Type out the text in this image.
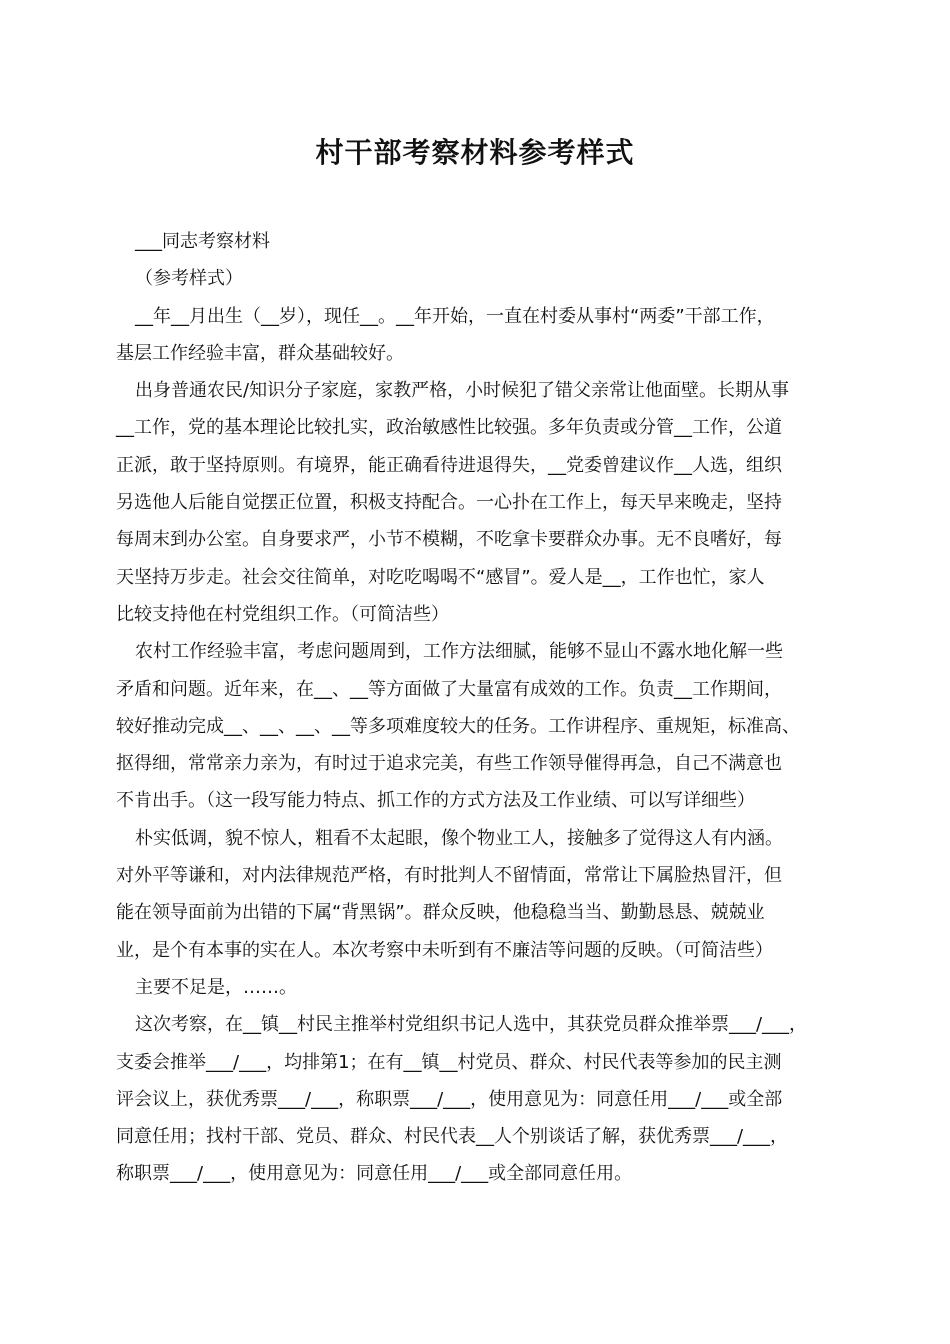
村干部考察材料参考样式
___同志考察材料
（参考样式）
__年__月出生（__岁），现任__。__年开始，一直在村委从事村“两委”干部工作，
基层工作经验丰富，群众基础较好。
出身普通农民/知识分子家庭，家教严格，小时候犯了错父亲常让他面壁。长期从事
__工作，党的基本理论比较扎实，政治敏感性比较强。多年负责或分管__工作，公道
正派，敢于坚持原则。有境界，能正确看待进退得失，__党委曾建议作__人选，组织
另选他人后能自觉摆正位置，积极支持配合。一心扑在工作上，每天早来晚走，坚持
每周末到办公室。自身要求严，小节不模糊，不吃拿卡要群众办事。无不良嗜好，每
天坚持万步走。社会交往简单，对吃吃喝喝不“感冒”。爱人是__，工作也忙，家人
比较支持他在村党组织工作。（可简洁些）
农村工作经验丰富，考虑问题周到，工作方法细腻，能够不显山不露水地化解一些
矛盾和问题。近年来，在__、__等方面做了大量富有成效的工作。负责__工作期间，
较好推动完成__、__、__、__等多项难度较大的任务。工作讲程序、重规矩，标准高、
抠得细，常常亲力亲为，有时过于追求完美，有些工作领导催得再急，自己不满意也
不肯出手。（这一段写能力特点、抓工作的方式方法及工作业绩、可以写详细些）
朴实低调，貌不惊人，粗看不太起眼，像个物业工人，接触多了觉得这人有内涵。
对外平等谦和，对内法律规范严格，有时批判人不留情面，常常让下属脸热冒汗，但
能在领导面前为出错的下属“背黑锅”。群众反映，他稳稳当当、勤勤恳恳、兢兢业
业，是个有本事的实在人。本次考察中未听到有不廉洁等问题的反映。（可简洁些）
主要不足是，……。
这次考察，在__镇__村民主推举村党组织书记人选中，其获党员群众推举票___/___，
支委会推举___/___，均排第1；在有__镇__村党员、群众、村民代表等参加的民主测
评会议上，获优秀票___/___，称职票___/___，使用意见为：同意任用___/___或全部
同意任用；找村干部、党员、群众、村民代表__人个别谈话了解，获优秀票___/___，
称职票___/___，使用意见为：同意任用___/___或全部同意任用。
